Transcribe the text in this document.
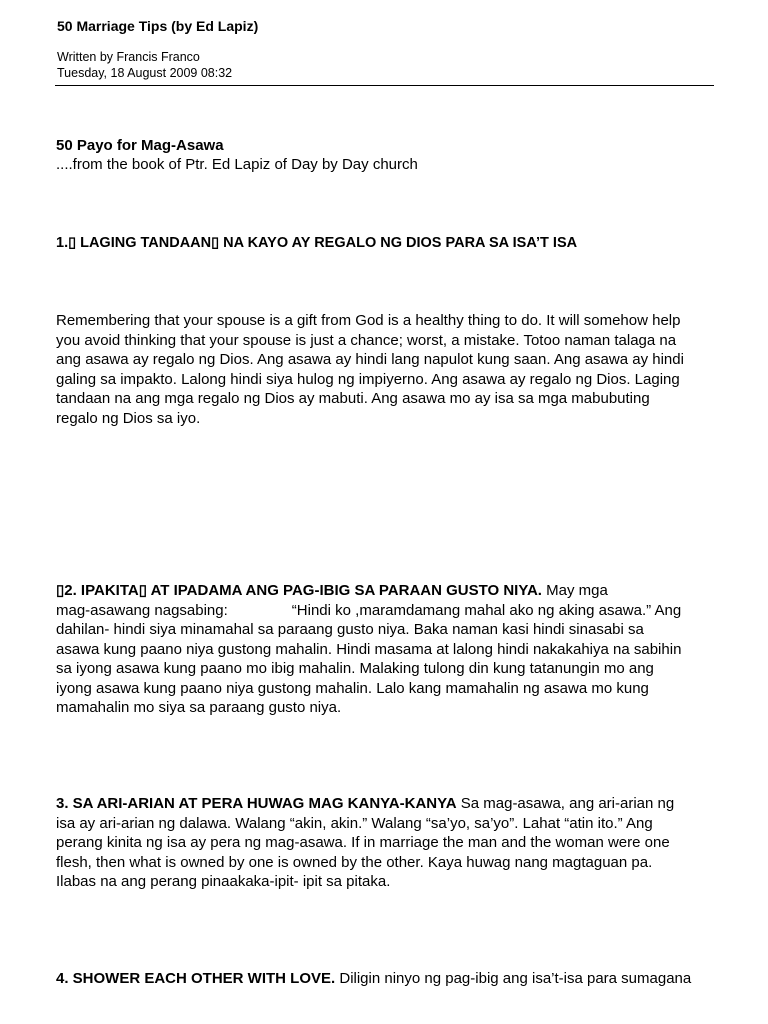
50 Marriage Tips (by Ed Lapiz)
Written by Francis Franco
Tuesday, 18 August 2009 08:32
50 Payo for Mag-Asawa
....from the book of Ptr. Ed Lapiz of Day by Day church
1.▯ LAGING TANDAAN▯ NA KAYO AY REGALO NG DIOS PARA SA ISA’T ISA
Remembering that your spouse is a gift from God is a healthy thing to do. It will somehow help
you avoid thinking that your spouse is just a chance; worst, a mistake. Totoo naman talaga na
ang asawa ay regalo ng Dios. Ang asawa ay hindi lang napulot kung saan. Ang asawa ay hindi
galing sa impakto. Lalong hindi siya hulog ng impiyerno. Ang asawa ay regalo ng Dios. Laging
tandaan na ang mga regalo ng Dios ay mabuti. Ang asawa mo ay isa sa mga mabubuting
regalo ng Dios sa iyo.
▯2. IPAKITA▯ AT IPADAMA ANG PAG-IBIG SA PARAAN GUSTO NIYA. May mga
mag-asawang nagsabing:	“Hindi ko ,maramdamang mahal ako ng aking asawa.” Ang
dahilan- hindi siya minamahal sa paraang gusto niya. Baka naman kasi hindi sinasabi sa
asawa kung paano niya gustong mahalin. Hindi masama at lalong hindi nakakahiya na sabihin
sa iyong asawa kung paano mo ibig mahalin. Malaking tulong din kung tatanungin mo ang
iyong asawa kung paano niya gustong mahalin. Lalo kang mamahalin ng asawa mo kung
mamahalin mo siya sa paraang gusto niya.
3. SA ARI-ARIAN AT PERA HUWAG MAG KANYA-KANYA Sa mag-asawa, ang ari-arian ng
isa ay ari-arian ng dalawa. Walang “akin, akin.” Walang “sa’yo, sa’yo”. Lahat “atin ito.” Ang
perang kinita ng isa ay pera ng mag-asawa. If in marriage the man and the woman were one
flesh, then what is owned by one is owned by the other. Kaya huwag nang magtaguan pa.
Ilabas na ang perang pinaakaka-ipit- ipit sa pitaka.
4. SHOWER EACH OTHER WITH LOVE. Diligin ninyo ng pag-ibig ang isa’t-isa para sumagana
